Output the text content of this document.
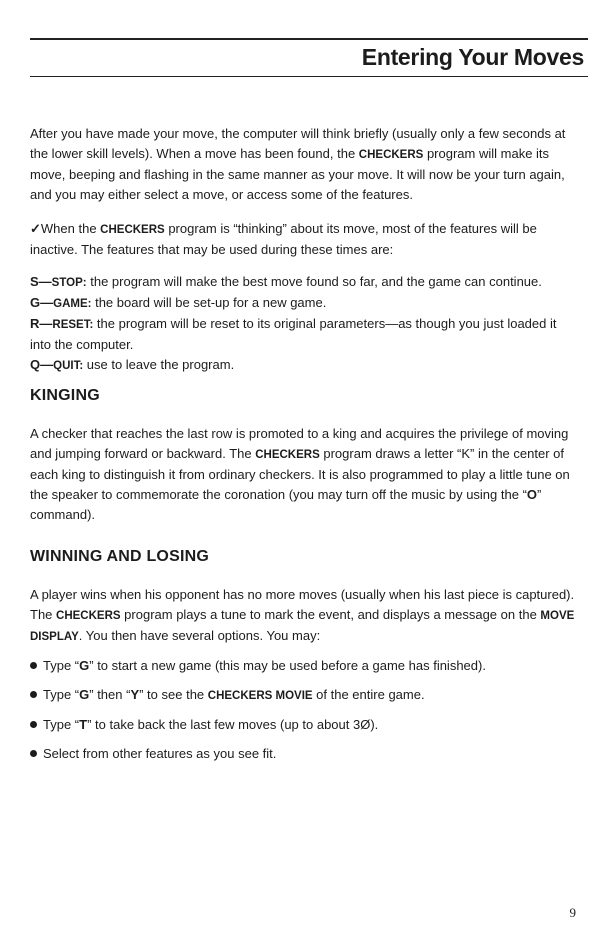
Entering Your Moves

After you have made your move, the computer will think briefly (usually only a few seconds at the lower skill levels). When a move has been found, the CHECKERS program will make its move, beeping and flashing in the same manner as your move. It will now be your turn again, and you may either select a move, or access some of the features.

✓When the CHECKERS program is “thinking” about its move, most of the features will be inactive. The features that may be used during these times are:

S—STOP: the program will make the best move found so far, and the game can continue.

G—GAME: the board will be set-up for a new game.

R—RESET: the program will be reset to its original parameters—as though you just loaded it into the computer.

Q—QUIT: use to leave the program.

KINGING

A checker that reaches the last row is promoted to a king and acquires the privilege of moving and jumping forward or backward. The CHECKERS program draws a letter “K” in the center of each king to distinguish it from ordinary checkers. It is also programmed to play a little tune on the speaker to commemorate the coronation (you may turn off the music by using the “O” command).

WINNING AND LOSING

A player wins when his opponent has no more moves (usually when his last piece is captured). The CHECKERS program plays a tune to mark the event, and displays a message on the MOVE DISPLAY. You then have several options. You may:

Type “G” to start a new game (this may be used before a game has finished).
Type “G” then “Y” to see the CHECKERS MOVIE of the entire game.
Type “T” to take back the last few moves (up to about 3Ø).
Select from other features as you see fit.
9
